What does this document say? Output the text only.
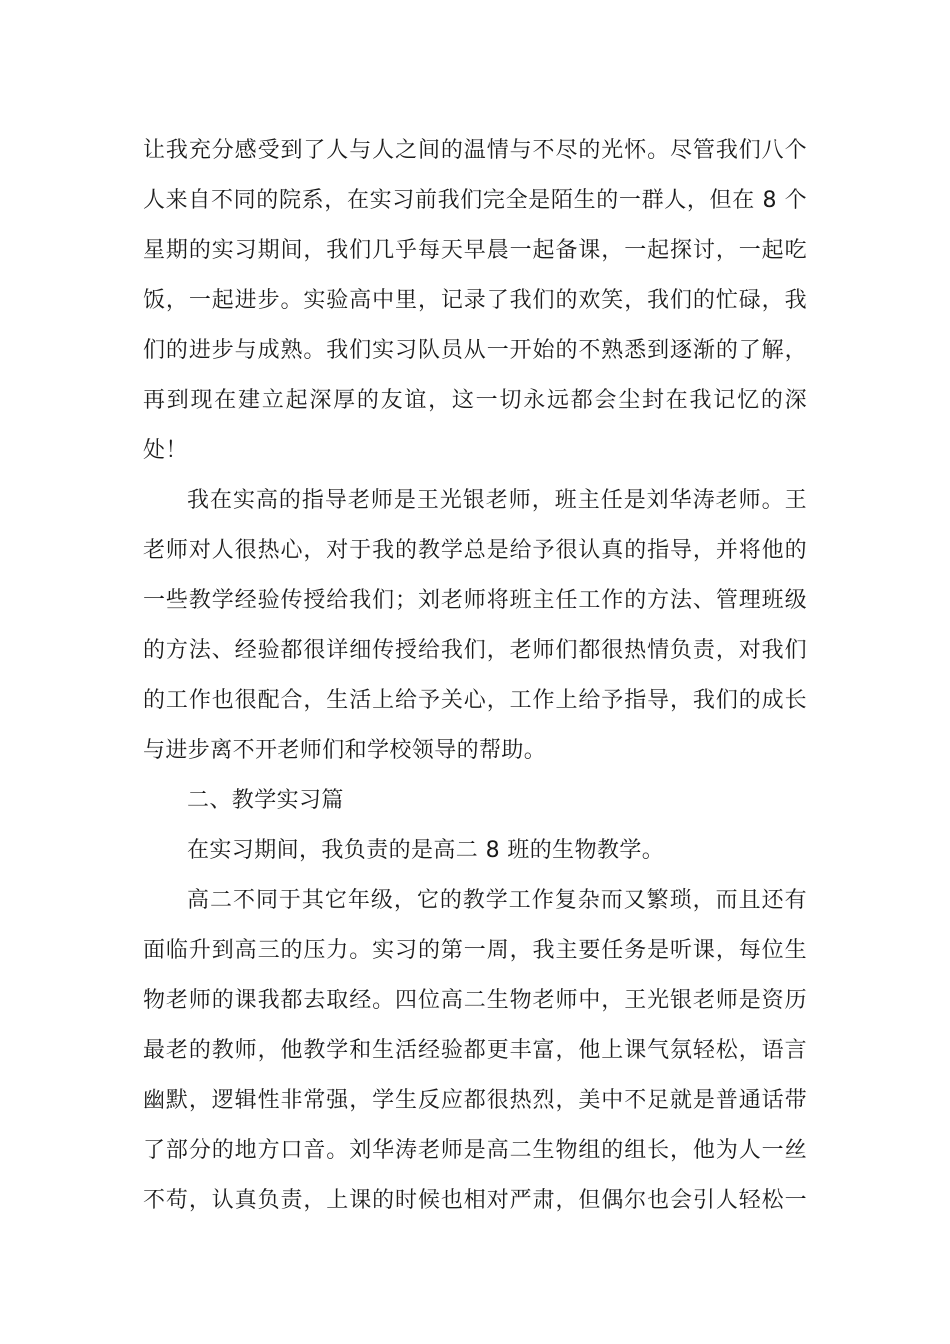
让我充分感受到了人与人之间的温情与不尽的光怀。尽管我们八个
人来自不同的院系，在实习前我们完全是陌生的一群人，但在 8 个
星期的实习期间，我们几乎每天早晨一起备课，一起探讨，一起吃
饭，一起进步。实验高中里，记录了我们的欢笑，我们的忙碌，我
们的进步与成熟。我们实习队员从一开始的不熟悉到逐渐的了解，
再到现在建立起深厚的友谊，这一切永远都会尘封在我记忆的深
处！
我在实高的指导老师是王光银老师，班主任是刘华涛老师。王
老师对人很热心，对于我的教学总是给予很认真的指导，并将他的
一些教学经验传授给我们；刘老师将班主任工作的方法、管理班级
的方法、经验都很详细传授给我们，老师们都很热情负责，对我们
的工作也很配合，生活上给予关心，工作上给予指导，我们的成长
与进步离不开老师们和学校领导的帮助。
二、教学实习篇
在实习期间，我负责的是高二 8 班的生物教学。
高二不同于其它年级，它的教学工作复杂而又繁琐，而且还有
面临升到高三的压力。实习的第一周，我主要任务是听课，每位生
物老师的课我都去取经。四位高二生物老师中，王光银老师是资历
最老的教师，他教学和生活经验都更丰富，他上课气氛轻松，语言
幽默，逻辑性非常强，学生反应都很热烈，美中不足就是普通话带
了部分的地方口音。刘华涛老师是高二生物组的组长，他为人一丝
不苟，认真负责，上课的时候也相对严肃，但偶尔也会引人轻松一
